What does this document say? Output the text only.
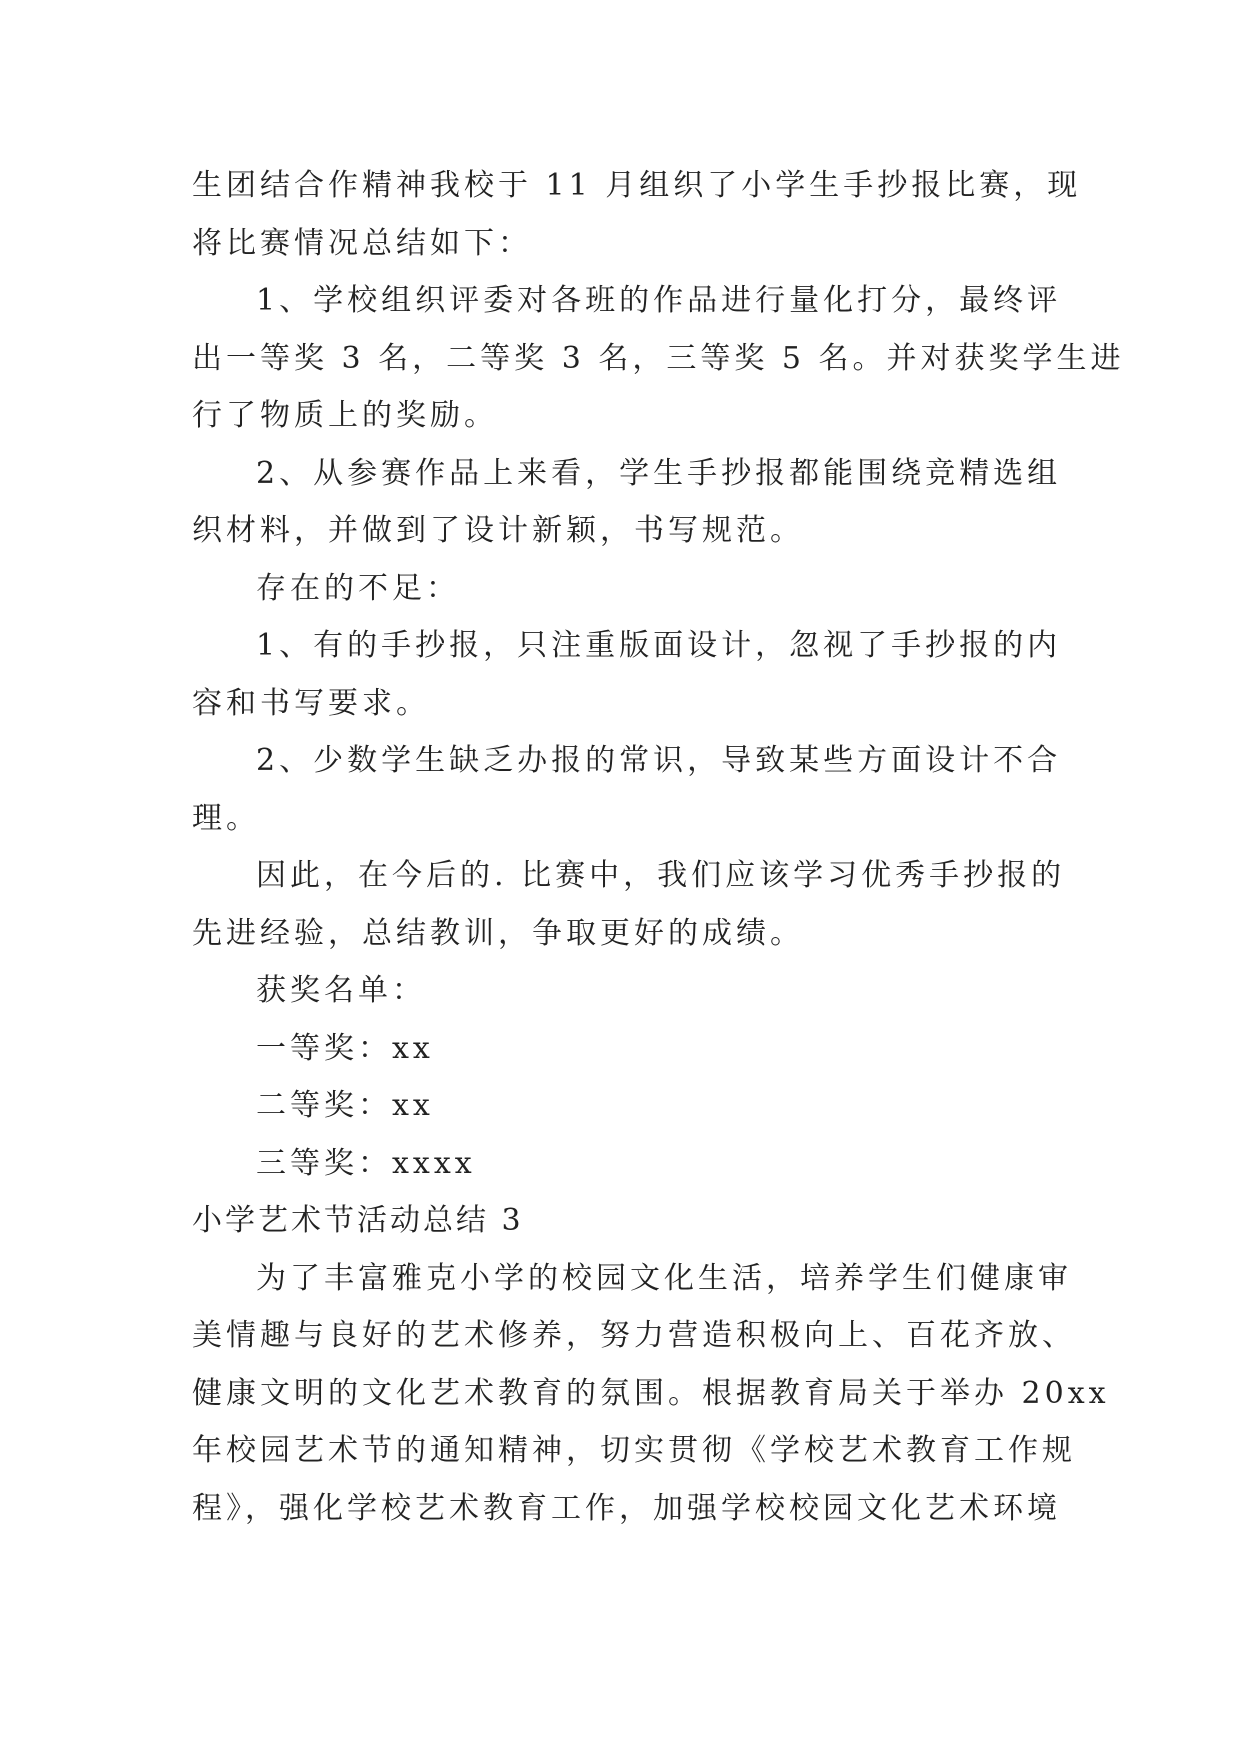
生团结合作精神我校于 11 月组织了小学生手抄报比赛，现
将比赛情况总结如下：
1、学校组织评委对各班的作品进行量化打分，最终评
出一等奖 3 名，二等奖 3 名，三等奖 5 名。并对获奖学生进
行了物质上的奖励。
2、从参赛作品上来看，学生手抄报都能围绕竞精选组
织材料，并做到了设计新颖，书写规范。
存在的不足：
1、有的手抄报，只注重版面设计，忽视了手抄报的内
容和书写要求。
2、少数学生缺乏办报的常识，导致某些方面设计不合
理。
因此，在今后的. 比赛中，我们应该学习优秀手抄报的
先进经验，总结教训，争取更好的成绩。
获奖名单：
一等奖：xx
二等奖：xx
三等奖：xxxx
小学艺术节活动总结 3
为了丰富雅克小学的校园文化生活，培养学生们健康审
美情趣与良好的艺术修养，努力营造积极向上、百花齐放、
健康文明的文化艺术教育的氛围。根据教育局关于举办 20xx
年校园艺术节的通知精神，切实贯彻《学校艺术教育工作规
程》，强化学校艺术教育工作，加强学校校园文化艺术环境
